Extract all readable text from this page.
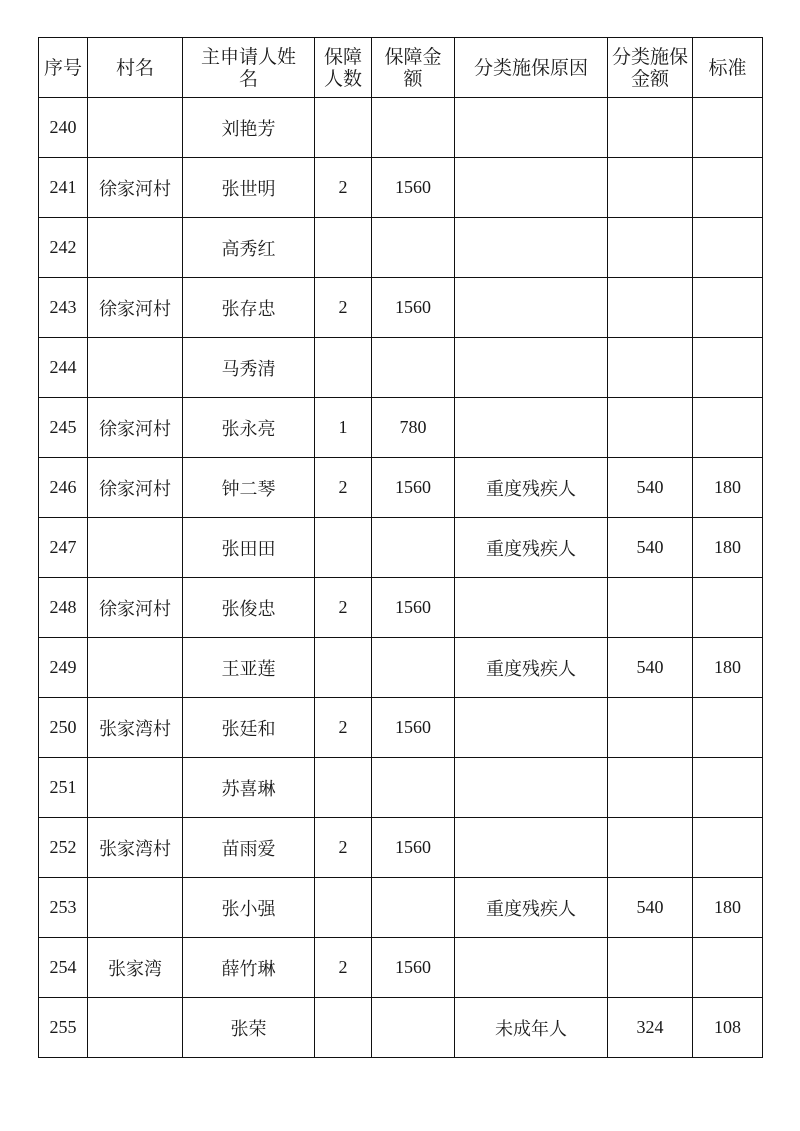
序号	村名	主申请人姓名	保障人数	保障金额	分类施保原因	分类施保金额	标准
240		刘艳芳					
241	徐家河村	张世明	2	1560			
242		高秀红					
243	徐家河村	张存忠	2	1560			
244		马秀清					
245	徐家河村	张永亮	1	780			
246	徐家河村	钟二琴	2	1560	重度残疾人	540	180
247		张田田			重度残疾人	540	180
248	徐家河村	张俊忠	2	1560			
249		王亚莲			重度残疾人	540	180
250	张家湾村	张廷和	2	1560			
251		苏喜琳					
252	张家湾村	苗雨爱	2	1560			
253		张小强			重度残疾人	540	180
254	张家湾	薛竹琳	2	1560			
255		张荣			未成年人	324	108
